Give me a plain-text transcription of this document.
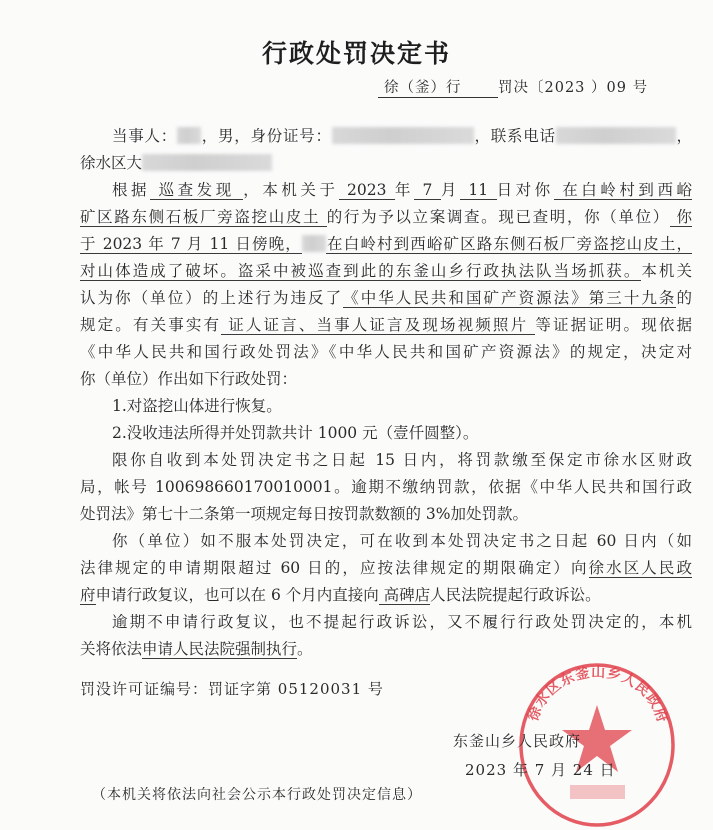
行政处罚决定书
徐（釜）行	罚决〔2023 ）09 号
当事人： ，男，身份证号：	，联系电话	，
徐水区大
根据 巡查发现 ，本机关于 2023 年 7 月 11 日对你 在白岭村到西峪
矿区路东侧石板厂旁盗挖山皮土 的行为予以立案调查。现已查明，你（单位） 你
于 2023 年 7 月 11 日傍晚， 在白岭村到西峪矿区路东侧石板厂旁盗挖山皮土，
对山体造成了破坏。盗采中被巡查到此的东釜山乡行政执法队当场抓获。本机关
认为你（单位）的上述行为违反了《中华人民共和国矿产资源法》第三十九条的
规定。有关事实有 证人证言、当事人证言及现场视频照片 等证据证明。现依据
《中华人民共和国行政处罚法》《中华人民共和国矿产资源法》的规定，决定对
你（单位）作出如下行政处罚：
1.对盗挖山体进行恢复。
2.没收违法所得并处罚款共计 1000 元（壹仟圆整）。
限你自收到本处罚决定书之日起 15 日内，将罚款缴至保定市徐水区财政
局，帐号 100698660170010001。逾期不缴纳罚款，依据《中华人民共和国行政
处罚法》第七十二条第一项规定每日按罚款数额的 3%加处罚款。
你（单位）如不服本处罚决定，可在收到本处罚决定书之日起 60 日内（如
法律规定的申请期限超过 60 日的，应按法律规定的期限确定）向徐水区人民政
府申请行政复议，也可以在 6 个月内直接向 高碑店人民法院提起行政诉讼。
逾期不申请行政复议，也不提起行政诉讼，又不履行行政处罚决定的，本机
关将依法申请人民法院强制执行。
徐水区东釜山乡人民政府
罚没许可证编号：罚证字第 05120031 号
东釜山乡人民政府
2023 年 7 月 24 日
（本机关将依法向社会公示本行政处罚决定信息）
